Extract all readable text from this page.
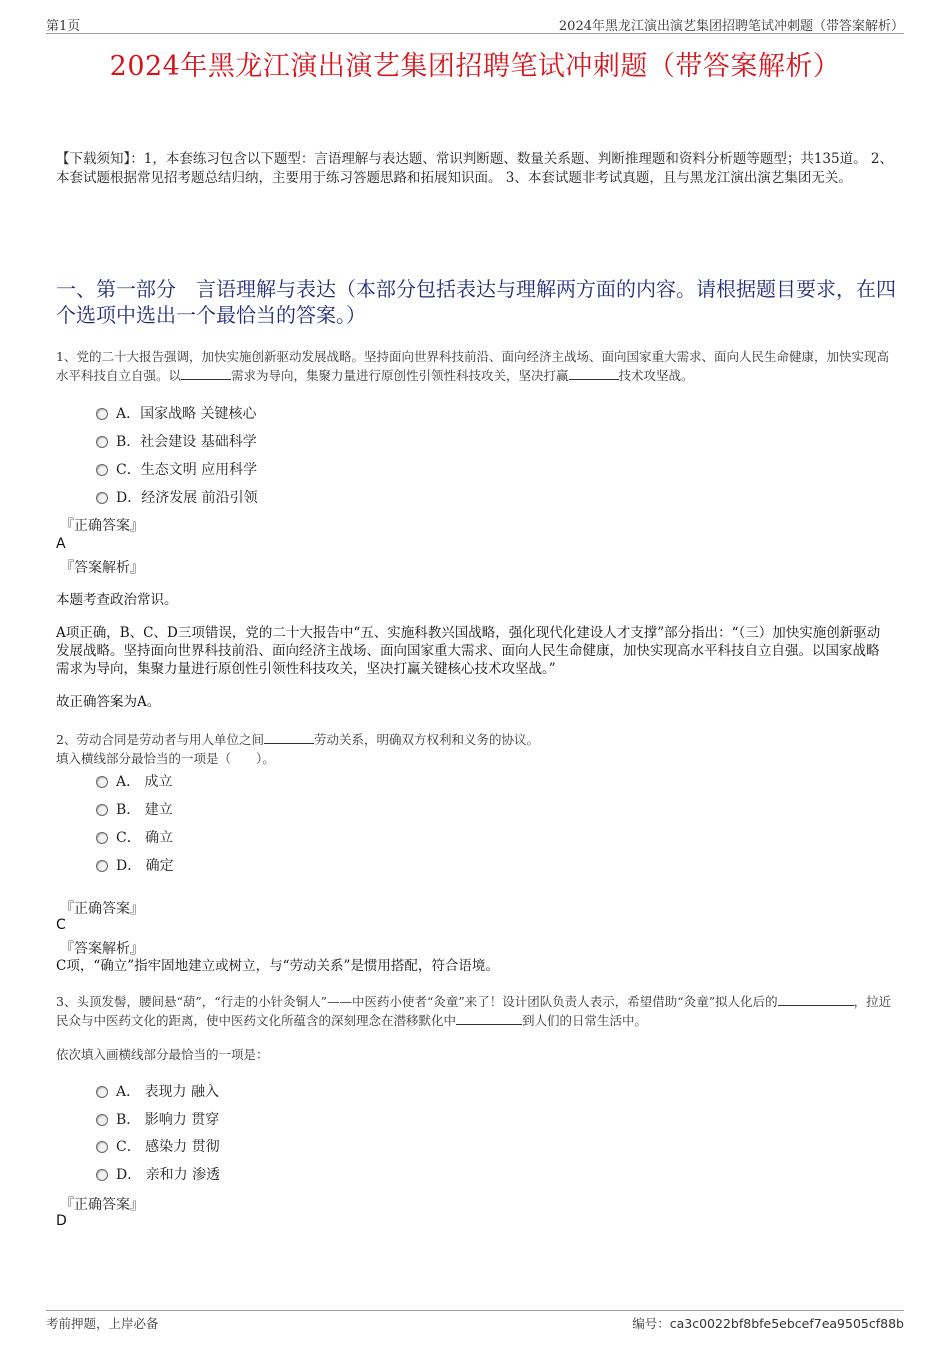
第1页	2024年黑龙江演出演艺集团招聘笔试冲刺题（带答案解析）
2024年黑龙江演出演艺集团招聘笔试冲刺题（带答案解析）
【下载须知】：1，本套练习包含以下题型：言语理解与表达题、常识判断题、数量关系题、判断推理题和资料分析题等题型；共135道。 2、本套试题根据常见招考题总结归纳，主要用于练习答题思路和拓展知识面。 3、本套试题非考试真题，且与黑龙江演出演艺集团无关。
一、第一部分　言语理解与表达（本部分包括表达与理解两方面的内容。请根据题目要求，在四个选项中选出一个最恰当的答案。）
1、党的二十大报告强调，加快实施创新驱动发展战略。坚持面向世界科技前沿、面向经济主战场、面向国家重大需求、面向人民生命健康，加快实现高水平科技自立自强。以	需求为导向，集聚力量进行原创性引领性科技攻关，坚决打赢	技术攻坚战。
A．国家战略 关键核心
B．社会建设 基础科学
C．生态文明 应用科学
D．经济发展 前沿引领
『正确答案』
A
『答案解析』
本题考查政治常识。
A项正确，B、C、D三项错误，党的二十大报告中“五、实施科教兴国战略，强化现代化建设人才支撑”部分指出：“（三）加快实施创新驱动发展战略。坚持面向世界科技前沿、面向经济主战场、面向国家重大需求、面向人民生命健康，加快实现高水平科技自立自强。以国家战略需求为导向，集聚力量进行原创性引领性科技攻关，坚决打赢关键核心技术攻坚战。”
故正确答案为A。
2、劳动合同是劳动者与用人单位之间	劳动关系，明确双方权利和义务的协议。
填入横线部分最恰当的一项是（　　）。
A． 成立
B． 建立
C． 确立
D． 确定
『正确答案』
C
『答案解析』
C项，“确立”指牢固地建立或树立，与“劳动关系”是惯用搭配，符合语境。
3、头顶发髻，腰间悬“葫”，“行走的小针灸铜人”——中医药小使者“灸童”来了！设计团队负责人表示，希望借助“灸童”拟人化后的	，拉近民众与中医药文化的距离，使中医药文化所蕴含的深刻理念在潜移默化中	到人们的日常生活中。
依次填入画横线部分最恰当的一项是：
A． 表现力 融入
B． 影响力 贯穿
C． 感染力 贯彻
D． 亲和力 渗透
『正确答案』
D
考前押题，上岸必备	编号：ca3c0022bf8bfe5ebcef7ea9505cf88b
